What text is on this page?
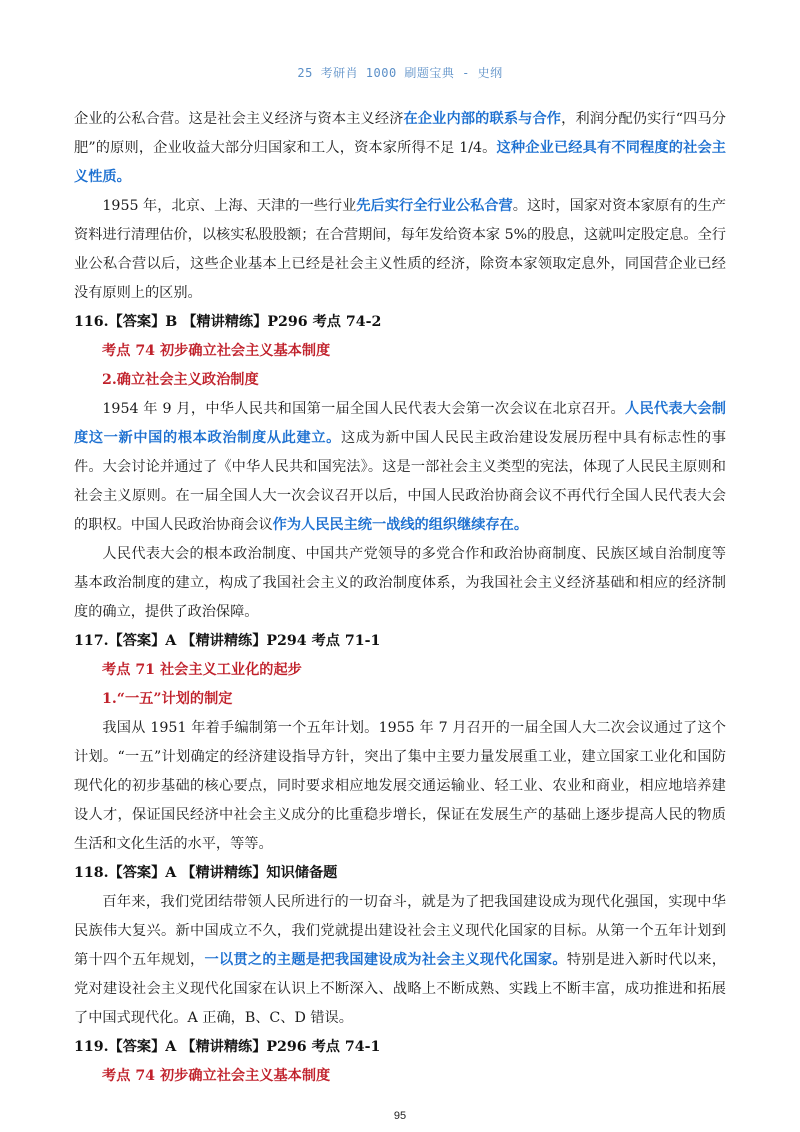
25 考研肖 1000 刷题宝典 - 史纲

企业的公私合营。这是社会主义经济与资本主义经济在企业内部的联系与合作，利润分配仍实行“四马分肥”的原则，企业收益大部分归国家和工人，资本家所得不足 1/4。这种企业已经具有不同程度的社会主义性质。

1955 年，北京、上海、天津的一些行业先后实行全行业公私合营。这时，国家对资本家原有的生产资料进行清理估价，以核实私股股额；在合营期间，每年发给资本家 5%的股息，这就叫定股定息。全行业公私合营以后，这些企业基本上已经是社会主义性质的经济，除资本家领取定息外，同国营企业已经没有原则上的区别。

116.【答案】B 【精讲精练】P296 考点 74-2

考点 74 初步确立社会主义基本制度

2.确立社会主义政治制度

1954 年 9 月，中华人民共和国第一届全国人民代表大会第一次会议在北京召开。人民代表大会制度这一新中国的根本政治制度从此建立。这成为新中国人民民主政治建设发展历程中具有标志性的事件。大会讨论并通过了《中华人民共和国宪法》。这是一部社会主义类型的宪法，体现了人民民主原则和社会主义原则。在一届全国人大一次会议召开以后，中国人民政治协商会议不再代行全国人民代表大会的职权。中国人民政治协商会议作为人民民主统一战线的组织继续存在。

人民代表大会的根本政治制度、中国共产党领导的多党合作和政治协商制度、民族区域自治制度等基本政治制度的建立，构成了我国社会主义的政治制度体系，为我国社会主义经济基础和相应的经济制度的确立，提供了政治保障。

117.【答案】A 【精讲精练】P294 考点 71-1

考点 71 社会主义工业化的起步

1.“一五”计划的制定

我国从 1951 年着手编制第一个五年计划。1955 年 7 月召开的一届全国人大二次会议通过了这个计划。“一五”计划确定的经济建设指导方针，突出了集中主要力量发展重工业，建立国家工业化和国防现代化的初步基础的核心要点，同时要求相应地发展交通运输业、轻工业、农业和商业，相应地培养建设人才，保证国民经济中社会主义成分的比重稳步增长，保证在发展生产的基础上逐步提高人民的物质生活和文化生活的水平，等等。

118.【答案】A 【精讲精练】知识储备题

百年来，我们党团结带领人民所进行的一切奋斗，就是为了把我国建设成为现代化强国，实现中华民族伟大复兴。新中国成立不久，我们党就提出建设社会主义现代化国家的目标。从第一个五年计划到第十四个五年规划，一以贯之的主题是把我国建设成为社会主义现代化国家。特别是进入新时代以来，党对建设社会主义现代化国家在认识上不断深入、战略上不断成熟、实践上不断丰富，成功推进和拓展了中国式现代化。A 正确，B、C、D 错误。

119.【答案】A 【精讲精练】P296 考点 74-1

考点 74 初步确立社会主义基本制度

95
